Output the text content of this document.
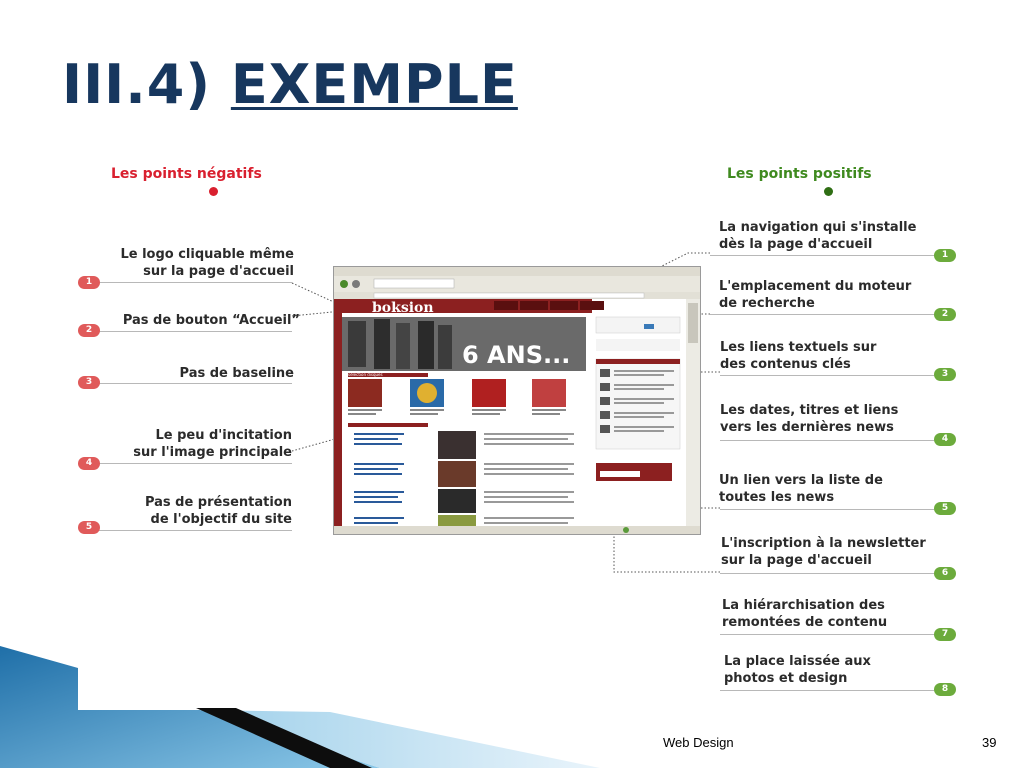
III.4) EXEMPLE
Les points négatifs
Le logo cliquable même
sur la page d'accueil
1
Pas de bouton “Accueil”
2
Pas de baseline
3
Le peu d'incitation
sur l'image principale
4
Pas de présentation
de l'objectif du site
5
Les points positifs
La navigation qui s'installe
dès la page d'accueil
1
L'emplacement du moteur
de recherche
2
Les liens textuels sur
des contenus clés
3
Les dates, titres et liens
vers les dernières news
4
Un lien vers la liste de
toutes les news
5
L'inscription à la newsletter
sur la page d'accueil
6
La hiérarchisation des
remontées de contenu
7
La place laissée aux
photos et design
8
boksion
6 ANS...
sélection disques
Web Design	39
